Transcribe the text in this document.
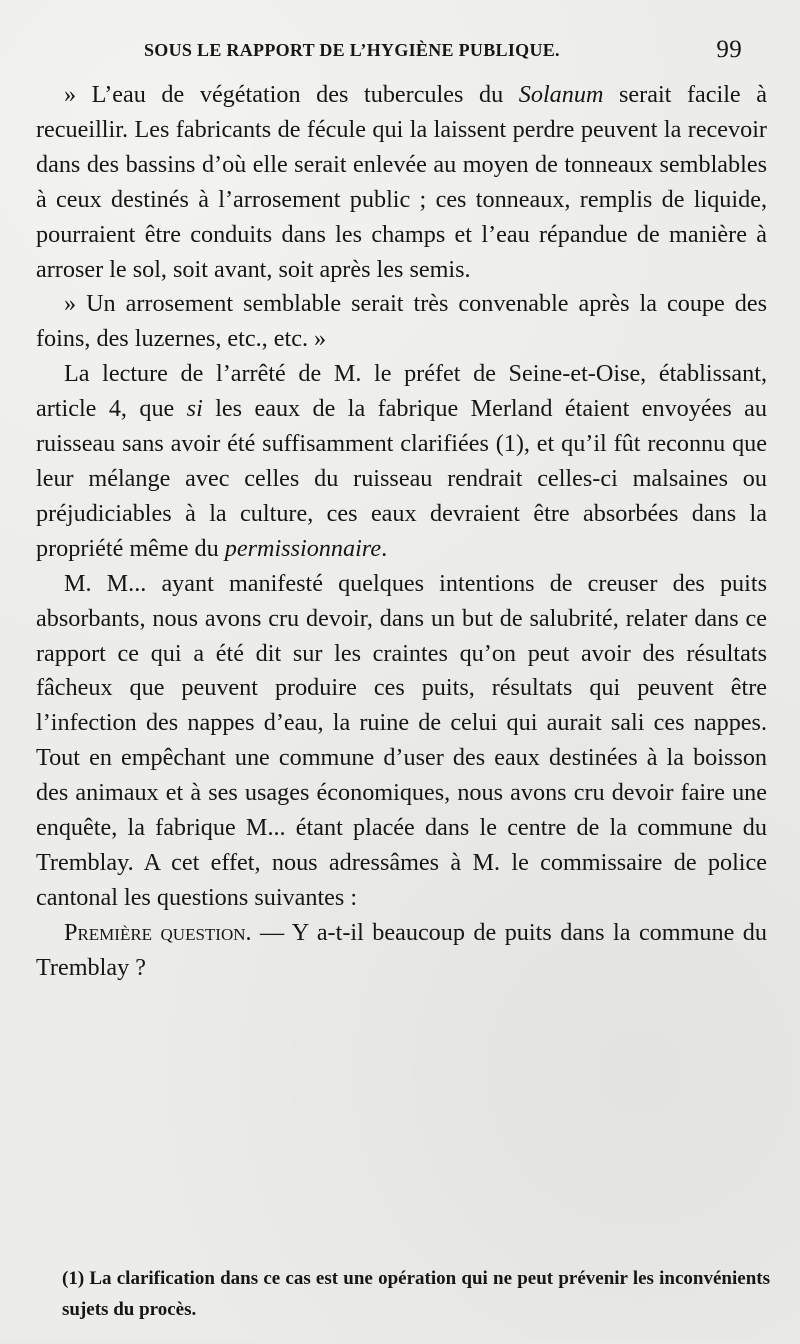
SOUS LE RAPPORT DE L’HYGIÈNE PUBLIQUE.	99

» L’eau de végétation des tubercules du Solanum serait facile à recueillir. Les fabricants de fécule qui la laissent perdre peuvent la recevoir dans des bassins d’où elle serait enlevée au moyen de tonneaux semblables à ceux destinés à l’arrosement public ; ces tonneaux, remplis de liquide, pourraient être conduits dans les champs et l’eau répandue de manière à arroser le sol, soit avant, soit après les semis.

» Un arrosement semblable serait très convenable après la coupe des foins, des luzernes, etc., etc. »

La lecture de l’arrêté de M. le préfet de Seine-et-Oise, établissant, article 4, que si les eaux de la fabrique Merland étaient envoyées au ruisseau sans avoir été suffisamment clarifiées (1), et qu’il fût reconnu que leur mélange avec celles du ruisseau rendrait celles-ci malsaines ou préjudiciables à la culture, ces eaux devraient être absorbées dans la propriété même du permissionnaire.

M. M... ayant manifesté quelques intentions de creuser des puits absorbants, nous avons cru devoir, dans un but de salubrité, relater dans ce rapport ce qui a été dit sur les craintes qu’on peut avoir des résultats fâcheux que peuvent produire ces puits, résultats qui peuvent être l’infection des nappes d’eau, la ruine de celui qui aurait sali ces nappes. Tout en empêchant une commune d’user des eaux destinées à la boisson des animaux et à ses usages économiques, nous avons cru devoir faire une enquête, la fabrique M... étant placée dans le centre de la commune du Tremblay. A cet effet, nous adressâmes à M. le commissaire de police cantonal les questions suivantes :

Première question. — Y a-t-il beaucoup de puits dans la commune du Tremblay ?

(1) La clarification dans ce cas est une opération qui ne peut prévenir les inconvénients sujets du procès.
